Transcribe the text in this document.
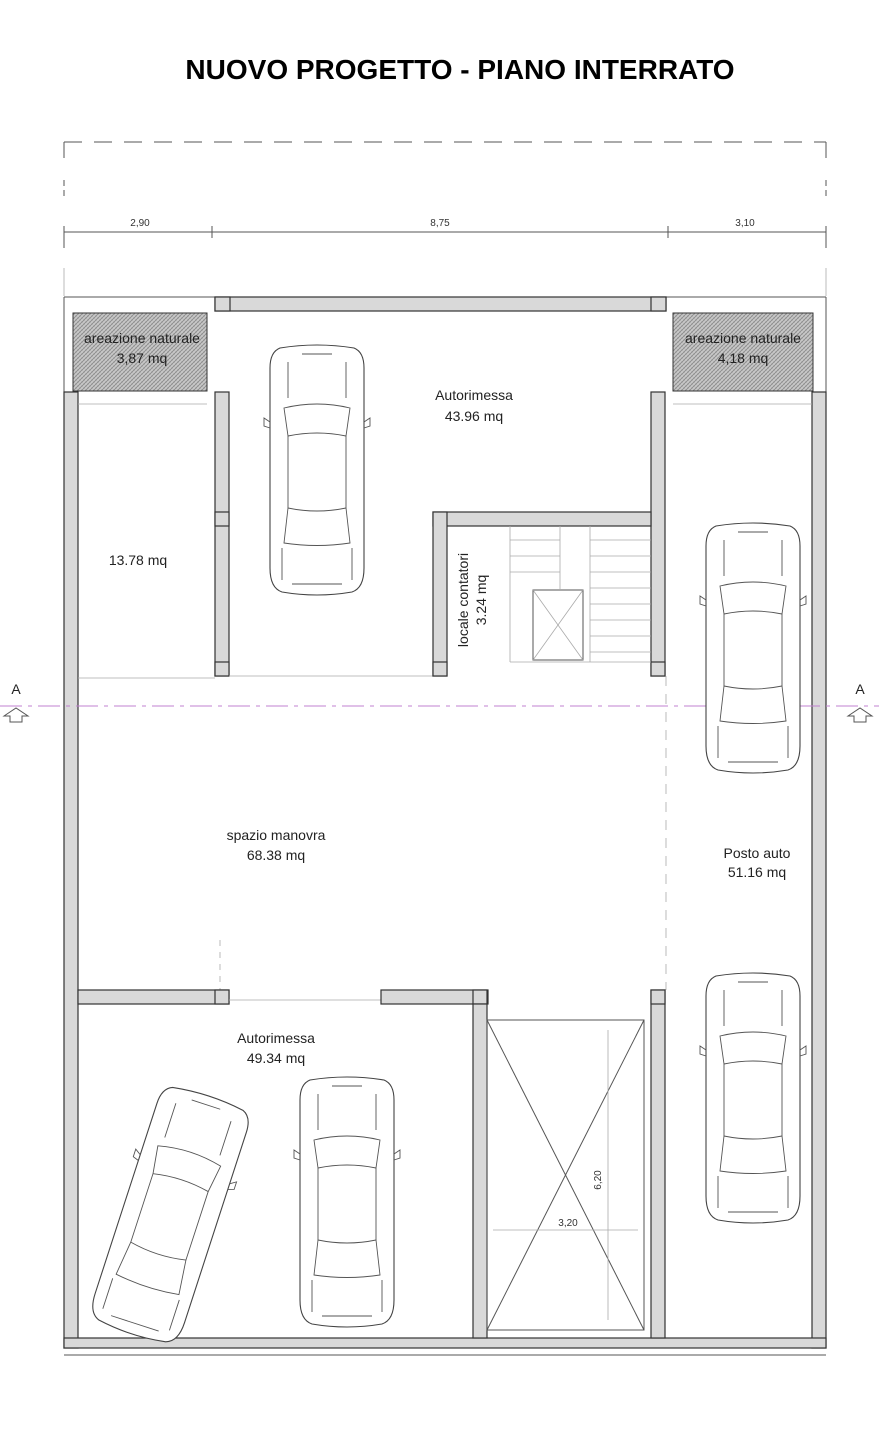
NUOVO PROGETTO - PIANO INTERRATO
2,90	8,75	3,10
areazione naturale
3,87 mq
areazione naturale
4,18 mq
locale contatori 3.24 mq
A	A
3,20
6,20
Autorimessa
43.96 mq
13.78 mq
spazio manovra
68.38 mq	Posto auto
51.16 mq
Autorimessa
49.34 mq
